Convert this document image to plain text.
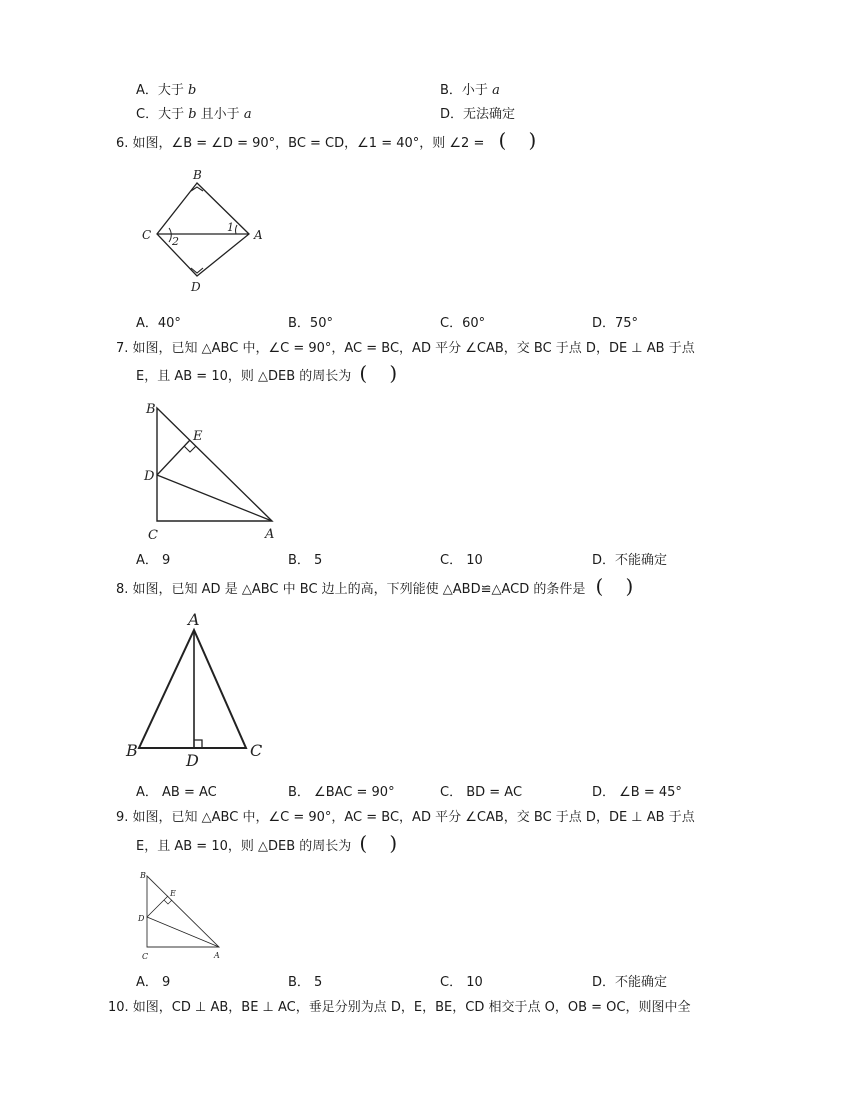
A．大于 b	B．小于 a
C．大于 b 且小于 a	D．无法确定
6. 如图，∠B = ∠D = 90°，BC = CD，∠1 = 40°，则 ∠2 = ( )
B
C	A
D
1
2
A．40°	B．50°	C．60°	D．75°
7. 如图，已知 △ABC 中，∠C = 90°，AC = BC，AD 平分 ∠CAB，交 BC 于点 D，DE ⊥ AB 于点
E，且 AB = 10，则 △DEB 的周长为 ( )
B
E
D
C	A
A． 9	B． 5	C． 10	D．不能确定
8. 如图，已知 AD 是 △ABC 中 BC 边上的高，下列能使 △ABD≌△ACD 的条件是 ( )
A
B
D
C
A． AB = AC	B． ∠BAC = 90°	C． BD = AC	D． ∠B = 45°
9. 如图，已知 △ABC 中，∠C = 90°，AC = BC，AD 平分 ∠CAB，交 BC 于点 D，DE ⊥ AB 于点
E，且 AB = 10，则 △DEB 的周长为 ( )
B
E
D
C	A
A． 9	B． 5	C． 10	D．不能确定
10. 如图，CD ⊥ AB，BE ⊥ AC，垂足分别为点 D，E，BE，CD 相交于点 O，OB = OC，则图中全
